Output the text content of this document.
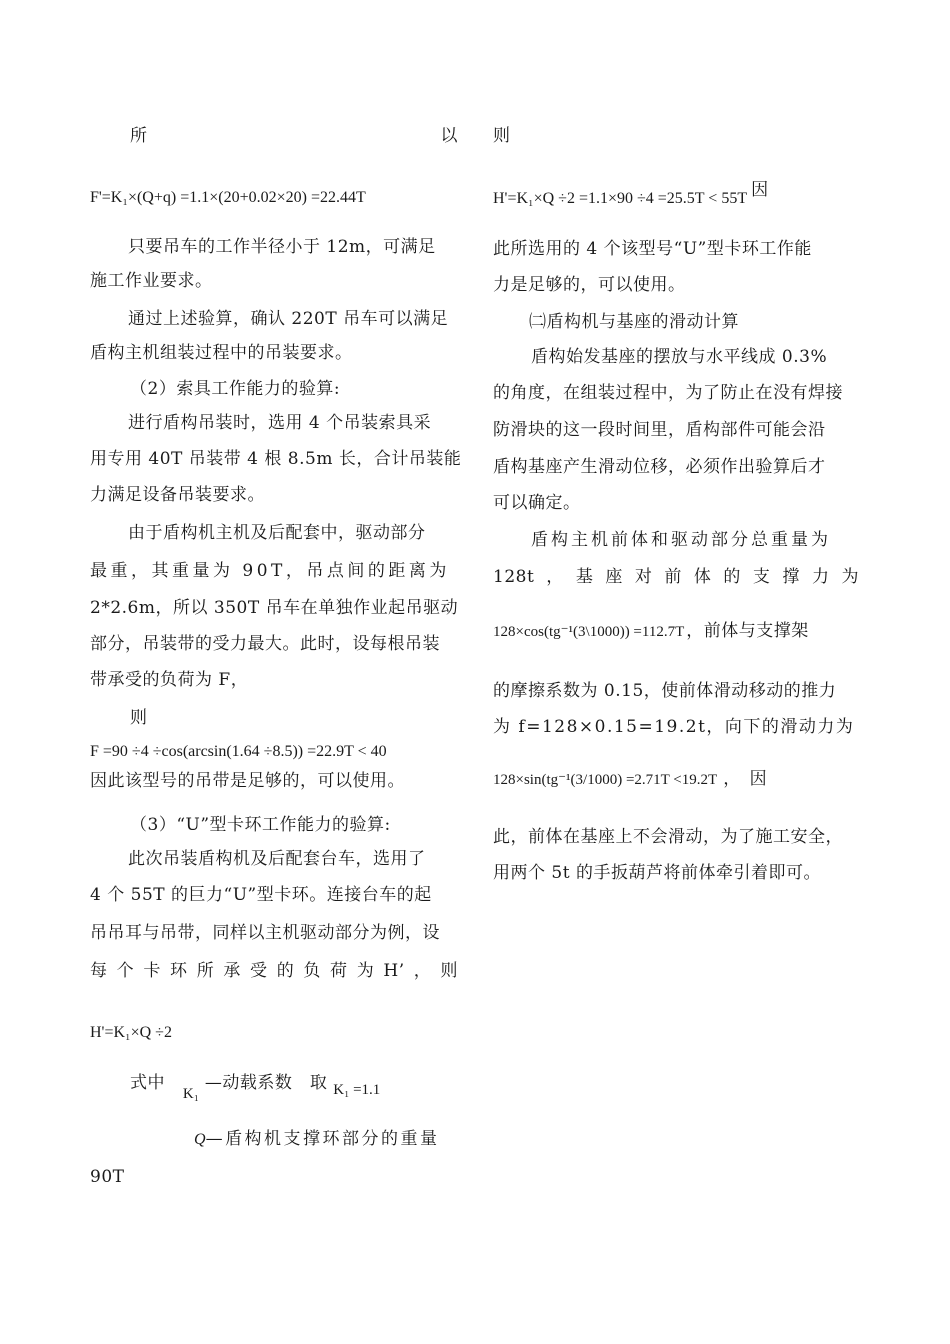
所	以
F'=K₁×(Q+q) =1.1×(20+0.02×20) =22.44T
只要吊车的工作半径小于 12m，可满足
施工作业要求。
通过上述验算，确认 220T 吊车可以满足
盾构主机组装过程中的吊装要求。
（2）索具工作能力的验算:
进行盾构吊装时，选用 4 个吊装索具采
用专用 40T 吊装带 4 根 8.5m 长，合计吊装能
力满足设备吊装要求。
由于盾构机主机及后配套中，驱动部分
最重，其重量为 90T，吊点间的距离为
2*2.6m，所以 350T 吊车在单独作业起吊驱动
部分，吊装带的受力最大。此时，设每根吊装
带承受的负荷为 F，
则
F =90 ÷4 ÷cos(arcsin(1.64 ÷8.5)) =22.9T < 40
因此该型号的吊带是足够的，可以使用。
（3）“U”型卡环工作能力的验算:
此次吊装盾构机及后配套台车，选用了
4 个 55T 的巨力“U”型卡环。连接台车的起
吊吊耳与吊带，同样以主机驱动部分为例，设
每 个 卡 环 所 承 受 的 负 荷 为 H’ ， 则
H'=K₁×Q ÷2
式中 K₁ —动载系数　取 K₁ =1.1
Q—盾构机支撑环部分的重量
90T
则
H'=K₁×Q ÷2 =1.1×90 ÷4 =25.5T < 55T 因
此所选用的 4 个该型号“U”型卡环工作能
力是足够的，可以使用。
㈡盾构机与基座的滑动计算
盾构始发基座的摆放与水平线成 0.3%
的角度，在组装过程中，为了防止在没有焊接
防滑块的这一段时间里，盾构部件可能会沿
盾构基座产生滑动位移，必须作出验算后才
可以确定。
盾构主机前体和驱动部分总重量为
128t ， 基 座 对 前 体 的 支 撑 力 为
128×cos(tg⁻¹(3\1000)) =112.7T ，前体与支撑架
的摩擦系数为 0.15，使前体滑动移动的推力
为 f=128×0.15=19.2t，向下的滑动力为
128×sin(tg⁻¹(3/1000) =2.71T <19.2T ，　因
此，前体在基座上不会滑动，为了施工安全，
用两个 5t 的手扳葫芦将前体牵引着即可。
